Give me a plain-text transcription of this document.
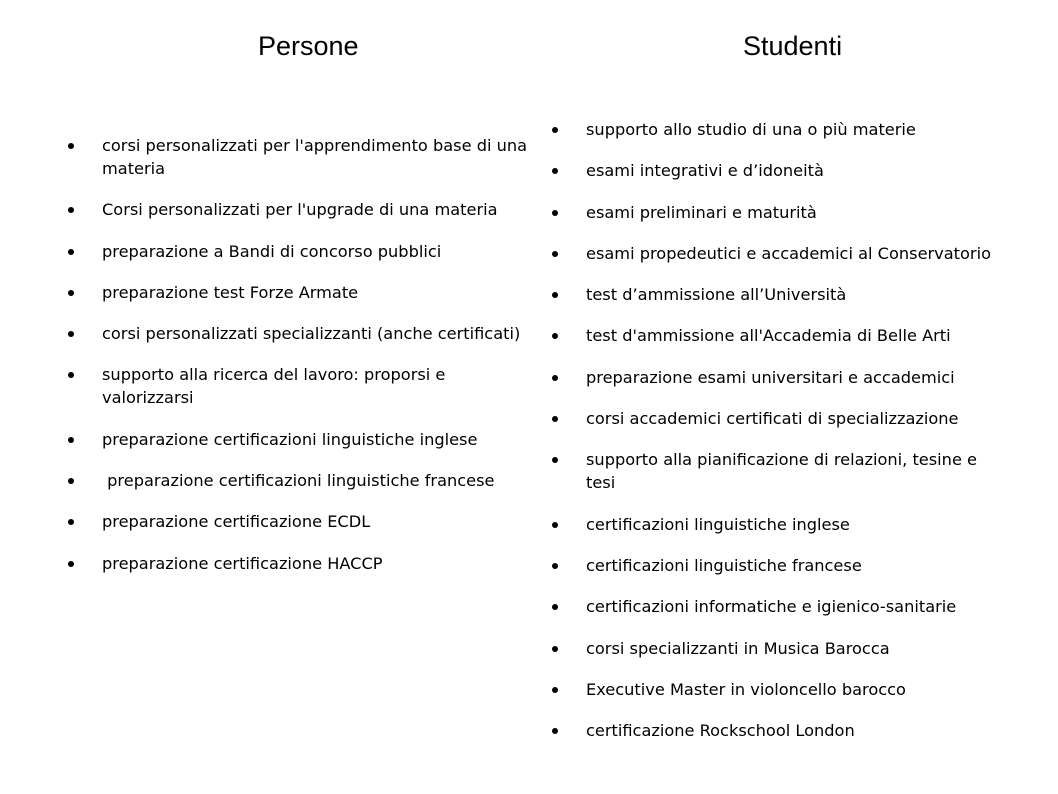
Persone
corsi personalizzati per l'apprendimento base di una materia
Corsi personalizzati per l'upgrade di una materia
preparazione a Bandi di concorso pubblici
preparazione test Forze Armate
corsi personalizzati specializzanti (anche certificati)
supporto alla ricerca del lavoro: proporsi e valorizzarsi
preparazione certificazioni linguistiche inglese
preparazione certificazioni linguistiche francese
preparazione certificazione ECDL
preparazione certificazione HACCP
Studenti
supporto allo studio di una o più materie
esami integrativi e d’idoneità
esami preliminari e maturità
esami propedeutici e accademici al Conservatorio
test d’ammissione all’Università
test d'ammissione all'Accademia di Belle Arti
preparazione esami universitari e accademici
corsi accademici certificati di specializzazione
supporto alla pianificazione di relazioni, tesine e tesi
certificazioni linguistiche inglese
certificazioni linguistiche francese
certificazioni informatiche e igienico-sanitarie
corsi specializzanti in Musica Barocca
Executive Master in violoncello barocco
certificazione Rockschool London
